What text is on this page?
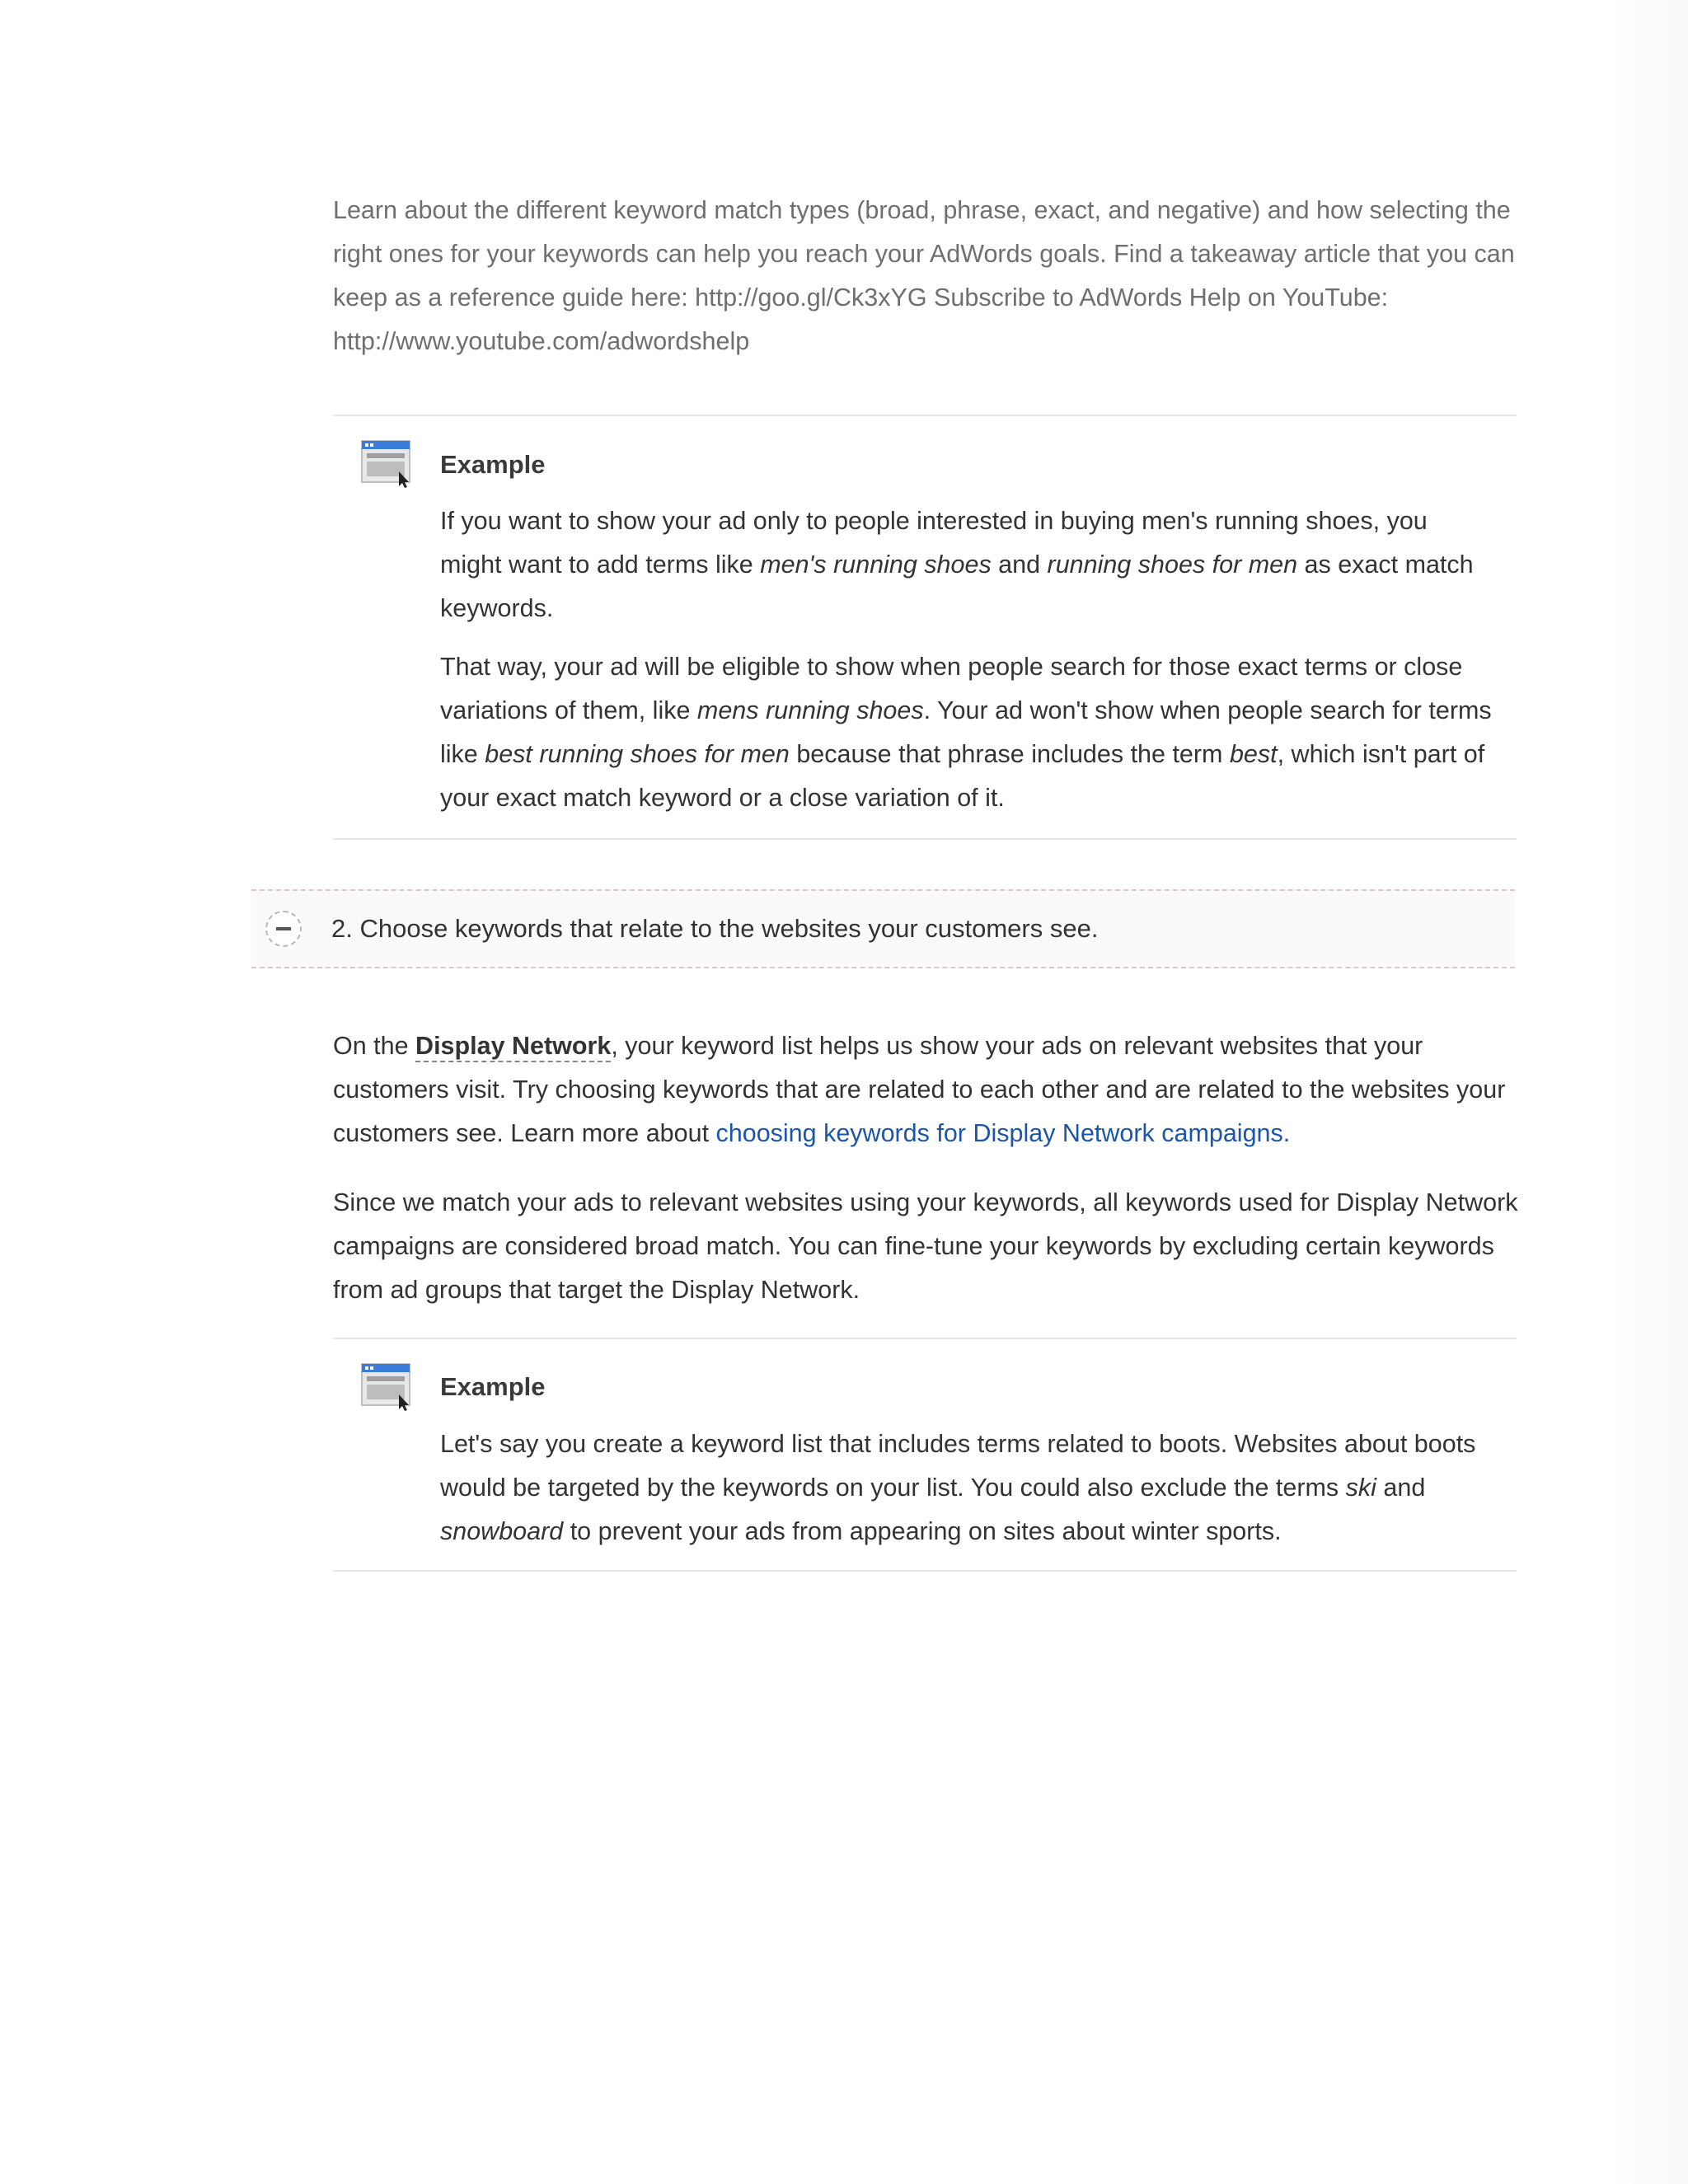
Learn about the different keyword match types (broad, phrase, exact, and negative) and how selecting the right ones for your keywords can help you reach your AdWords goals. Find a takeaway article that you can keep as a reference guide here: http://goo.gl/Ck3xYG Subscribe to AdWords Help on YouTube: http://www.youtube.com/adwordshelp

Example

If you want to show your ad only to people interested in buying men's running shoes, you might want to add terms like men's running shoes and running shoes for men as exact match keywords.

That way, your ad will be eligible to show when people search for those exact terms or close variations of them, like mens running shoes. Your ad won't show when people search for terms like best running shoes for men because that phrase includes the term best, which isn't part of your exact match keyword or a close variation of it.

2. Choose keywords that relate to the websites your customers see.

On the Display Network, your keyword list helps us show your ads on relevant websites that your customers visit. Try choosing keywords that are related to each other and are related to the websites your customers see. Learn more about choosing keywords for Display Network campaigns.

Since we match your ads to relevant websites using your keywords, all keywords used for Display Network campaigns are considered broad match. You can fine-tune your keywords by excluding certain keywords from ad groups that target the Display Network.

Example

Let's say you create a keyword list that includes terms related to boots. Websites about boots would be targeted by the keywords on your list. You could also exclude the terms ski and snowboard to prevent your ads from appearing on sites about winter sports.
